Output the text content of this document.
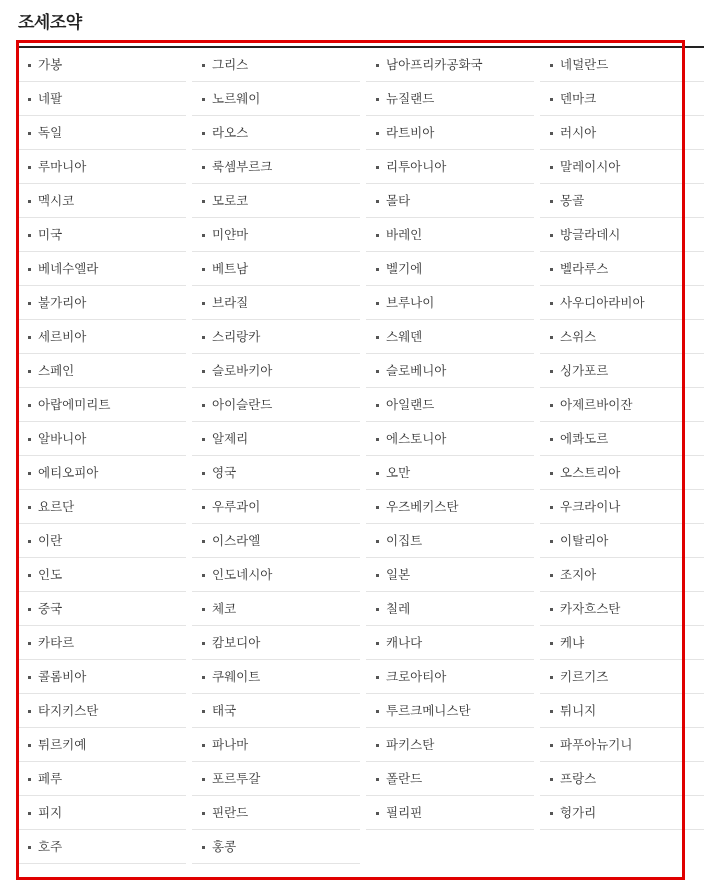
조세조약
가봉	그리스	남아프리카공화국	네덜란드
네팔	노르웨이	뉴질랜드	덴마크
독일	라오스	라트비아	러시아
루마니아	룩셈부르크	리투아니아	말레이시아
멕시코	모로코	몰타	몽골
미국	미얀마	바레인	방글라데시
베네수엘라	베트남	벨기에	벨라루스
불가리아	브라질	브루나이	사우디아라비아
세르비아	스리랑카	스웨덴	스위스
스페인	슬로바키아	슬로베니아	싱가포르
아랍에미리트	아이슬란드	아일랜드	아제르바이잔
알바니아	알제리	에스토니아	에콰도르
에티오피아	영국	오만	오스트리아
요르단	우루과이	우즈베키스탄	우크라이나
이란	이스라엘	이집트	이탈리아
인도	인도네시아	일본	조지아
중국	체코	칠레	카자흐스탄
카타르	캄보디아	캐나다	케냐
콜롬비아	쿠웨이트	크로아티아	키르기즈
타지키스탄	태국	투르크메니스탄	튀니지
튀르키예	파나마	파키스탄	파푸아뉴기니
페루	포르투갈	폴란드	프랑스
피지	핀란드	필리핀	헝가리
호주	홍콩
